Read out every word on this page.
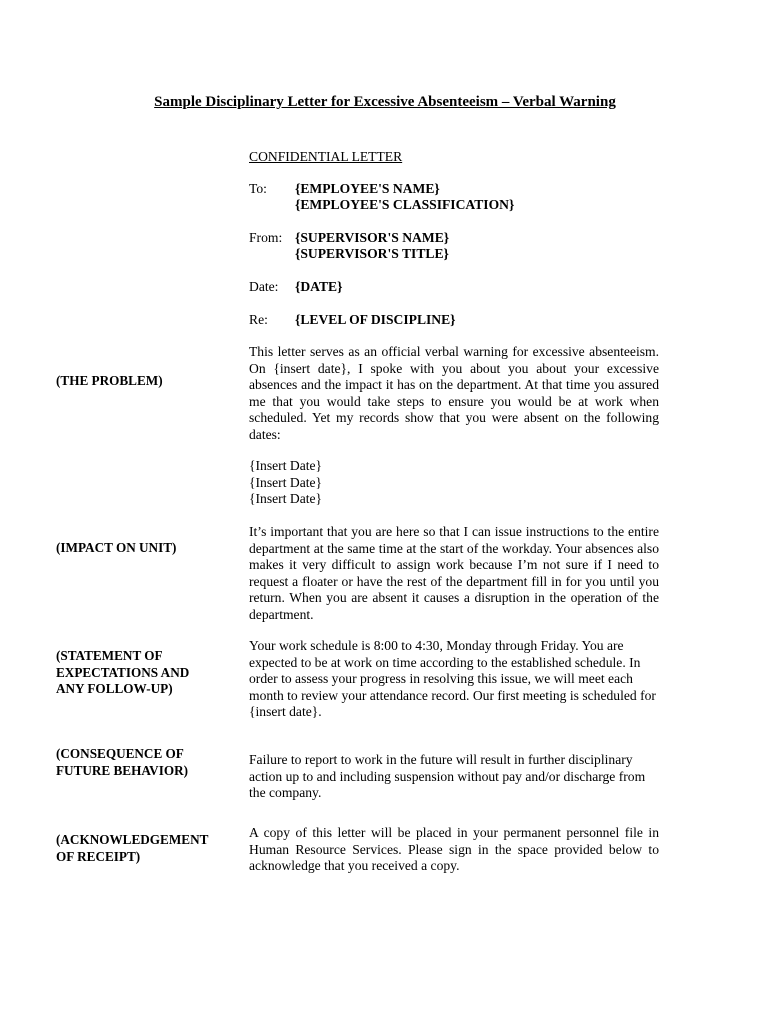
Sample Disciplinary Letter for Excessive Absenteeism – Verbal Warning
CONFIDENTIAL LETTER
To: {EMPLOYEE'S NAME}
{EMPLOYEE'S CLASSIFICATION}
From: {SUPERVISOR'S NAME}
{SUPERVISOR'S TITLE}
Date: {DATE}
Re: {LEVEL OF DISCIPLINE}
(THE PROBLEM)
This letter serves as an official verbal warning for excessive absenteeism. On {insert date}, I spoke with you about you about your excessive absences and the impact it has on the department. At that time you assured me that you would take steps to ensure you would be at work when scheduled. Yet my records show that you were absent on the following dates:
{Insert Date}
{Insert Date}
{Insert Date}
(IMPACT ON UNIT)
It’s important that you are here so that I can issue instructions to the entire department at the same time at the start of the workday. Your absences also makes it very difficult to assign work because I’m not sure if I need to request a floater or have the rest of the department fill in for you until you return. When you are absent it causes a disruption in the operation of the department.
(STATEMENT OF
EXPECTATIONS AND
ANY FOLLOW-UP)
Your work schedule is 8:00 to 4:30, Monday through Friday. You are expected to be at work on time according to the established schedule. In order to assess your progress in resolving this issue, we will meet each month to review your attendance record. Our first meeting is scheduled for {insert date}.
(CONSEQUENCE OF
FUTURE BEHAVIOR)
Failure to report to work in the future will result in further disciplinary action up to and including suspension without pay and/or discharge from the company.
(ACKNOWLEDGEMENT
OF RECEIPT)
A copy of this letter will be placed in your permanent personnel file in Human Resource Services. Please sign in the space provided below to acknowledge that you received a copy.
